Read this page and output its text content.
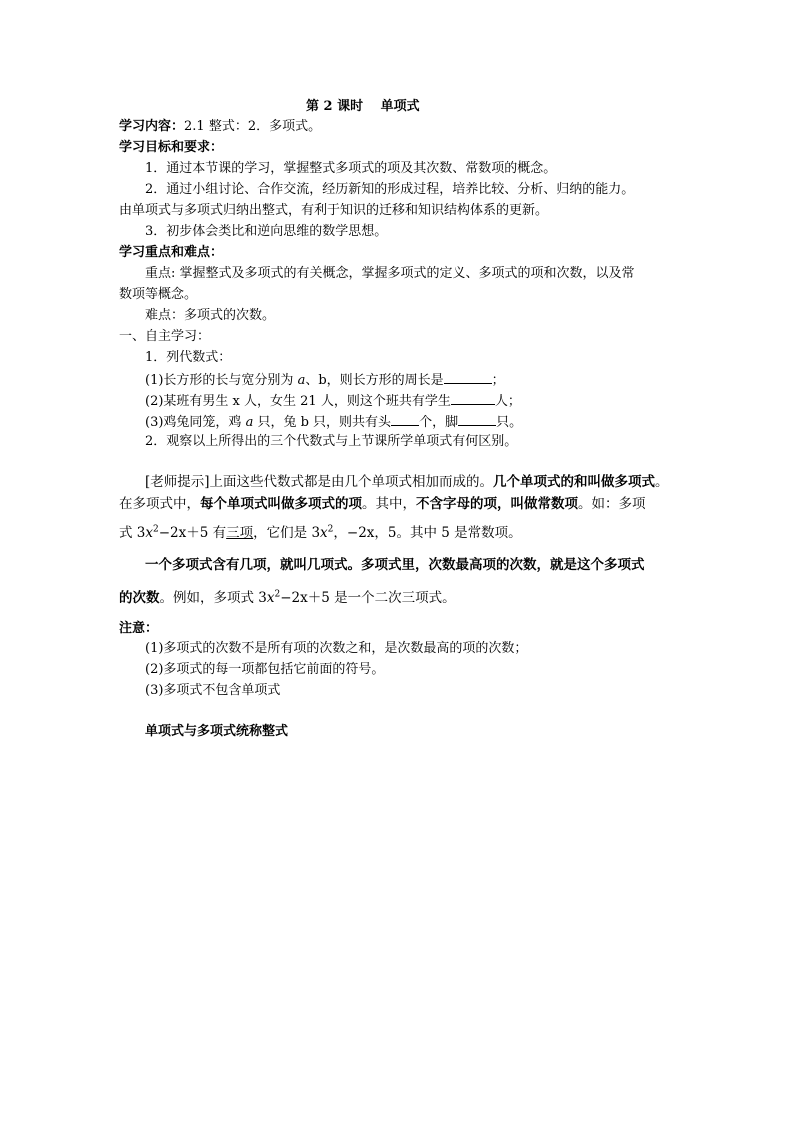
第 2 课时　 单项式
学习内容：2.1 整式：2．多项式。
学习目标和要求：
1．通过本节课的学习，掌握整式多项式的项及其次数、常数项的概念。
2．通过小组讨论、合作交流，经历新知的形成过程，培养比较、分析、归纳的能力。
由单项式与多项式归纳出整式，有利于知识的迁移和知识结构体系的更新。
3．初步体会类比和逆向思维的数学思想。
学习重点和难点：
重点: 掌握整式及多项式的有关概念，掌握多项式的定义、多项式的项和次数，以及常
数项等概念。
难点：多项式的次数。
一、自主学习：
1．列代数式：
(1)长方形的长与宽分别为 a、b，则长方形的周长是	；
(2)某班有男生 x 人，女生 21 人，则这个班共有学生	人；
(3)鸡兔同笼，鸡 a 只，兔 b 只，则共有头 个，脚	只。
2．观察以上所得出的三个代数式与上节课所学单项式有何区别。
[老师提示]上面这些代数式都是由几个单项式相加而成的。几个单项式的和叫做多项式。
在多项式中，每个单项式叫做多项式的项。其中，不含字母的项，叫做常数项。如：多项
式 $3x^2-2x+5$ 有三项，它们是 $3x^2$，−2x，5。其中 5 是常数项。
一个多项式含有几项，就叫几项式。多项式里，次数最高项的次数，就是这个多项式
的次数。例如，多项式 $3x^2-2x+5$ 是一个二次三项式。
注意：
(1)多项式的次数不是所有项的次数之和，是次数最高的项的次数；
(2)多项式的每一项都包括它前面的符号。
(3)多项式不包含单项式
单项式与多项式统称整式
